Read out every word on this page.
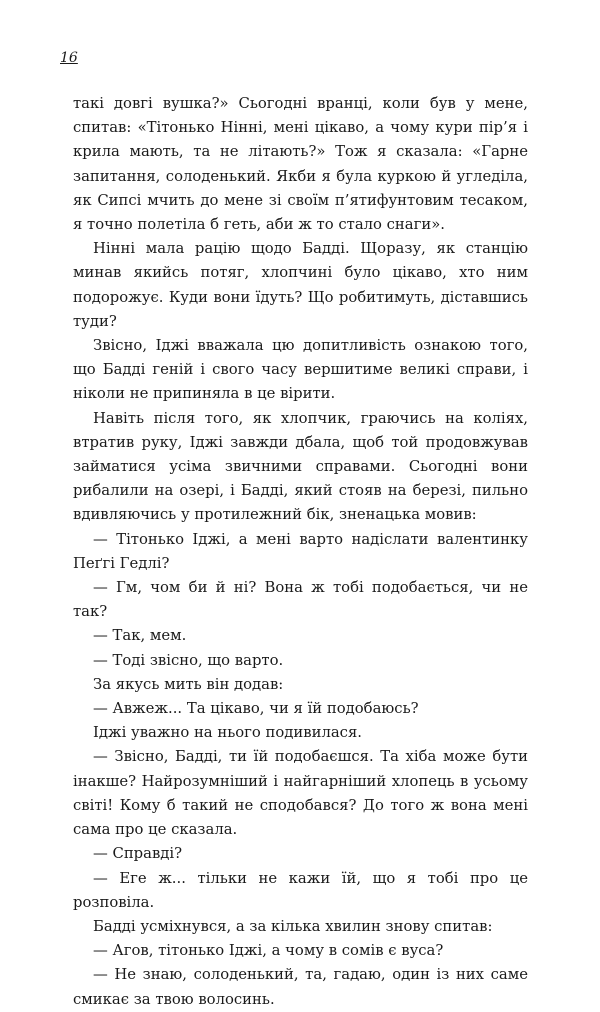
16

такі довгі вушка?» Сьогодні вранці, коли був у мене, спитав: «Тітонько Нінні, мені цікаво, а чому кури пір’я і крила мають, та не літають?» Тож я сказала: «Гарне запитання, солоденький. Якби я була куркою й угледіла, як Сипсі мчить до мене зі своїм п’ятифунтовим тесаком, я точно полетіла б геть, аби ж то стало снаги».

Нінні мала рацію щодо Бадді. Щоразу, як станцію минав якийсь потяг, хлопчині було цікаво, хто ним подорожує. Куди вони їдуть? Що робитимуть, діставшись туди?

Звісно, Іджі вважала цю допитливість ознакою того, що Бадді геній і свого часу вершитиме великі справи, і ніколи не припиняла в це вірити.

Навіть після того, як хлопчик, граючись на коліях, втратив руку, Іджі завжди дбала, щоб той продовжував займатися усіма звичними справами. Сьогодні вони рибалили на озері, і Бадді, який стояв на березі, пильно вдивляючись у протилежний бік, зненацька мовив:

— Тітонько Іджі, а мені варто надіслати валентинку Пеґгі Гедлі?

— Гм, чом би й ні? Вона ж тобі подобається, чи не так?

— Так, мем.

— Тоді звісно, що варто.

За якусь мить він додав:

— Авжеж... Та цікаво, чи я їй подобаюсь?

Іджі уважно на нього подивилася.

— Звісно, Бадді, ти їй подобаєшся. Та хіба може бути інакше? Найрозумніший і найгарніший хлопець в усьому світі! Кому б такий не сподобався? До того ж вона мені сама про це сказала.

— Справді?

— Еге ж... тільки не кажи їй, що я тобі про це розповіла.

Бадді усміхнувся, а за кілька хвилин знову спитав:

— Агов, тітонько Іджі, а чому в сомів є вуса?

— Не знаю, солоденький, та, гадаю, один із них саме смикає за твою волосинь.
